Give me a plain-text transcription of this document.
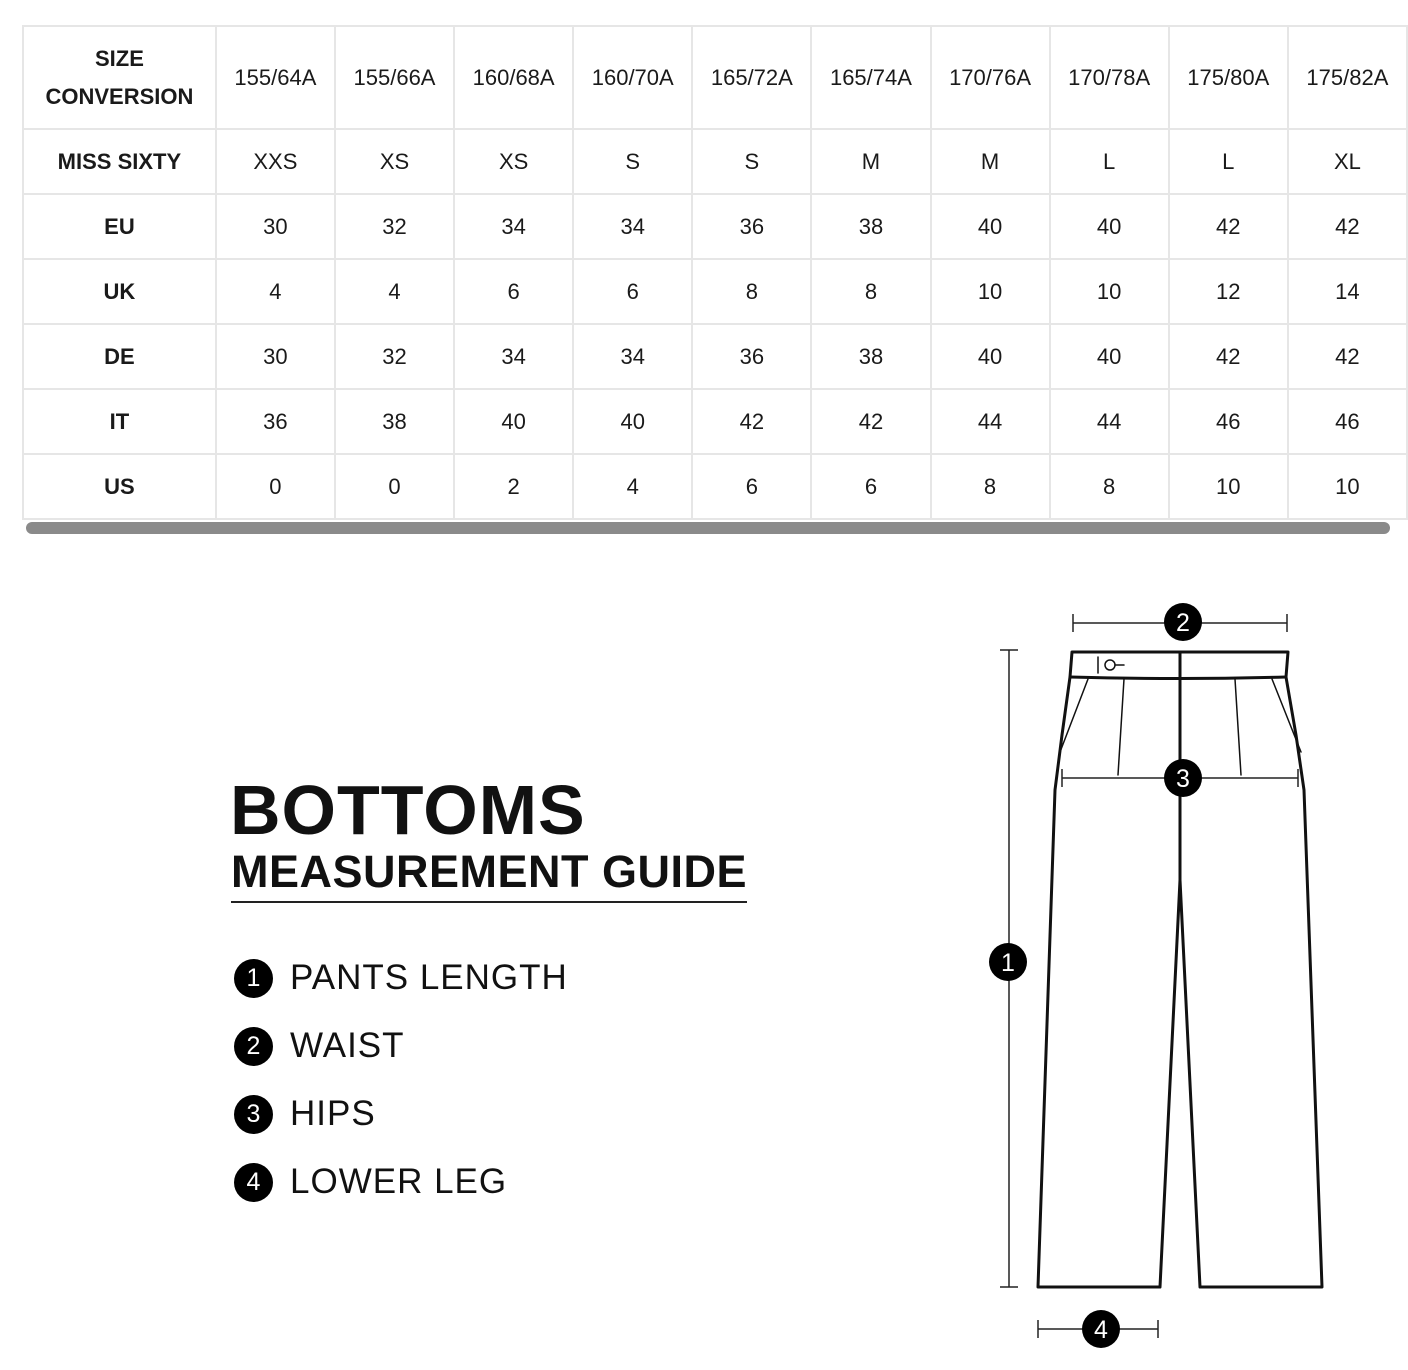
SIZE CONVERSION	155/64A	155/66A	160/68A	160/70A	165/72A	165/74A	170/76A	170/78A	175/80A	175/82A
MISS SIXTY	XXS	XS	XS	S	S	M	M	L	L	XL
EU	30	32	34	34	36	38	40	40	42	42
UK	4	4	6	6	8	8	10	10	12	14
DE	30	32	34	34	36	38	40	40	42	42
IT	36	38	40	40	42	42	44	44	46	46
US	0	0	2	4	6	6	8	8	10	10
BOTTOMS
MEASUREMENT GUIDE
1 PANTS LENGTH
2 WAIST
3 HIPS
4 LOWER LEG
2
3
1
4
